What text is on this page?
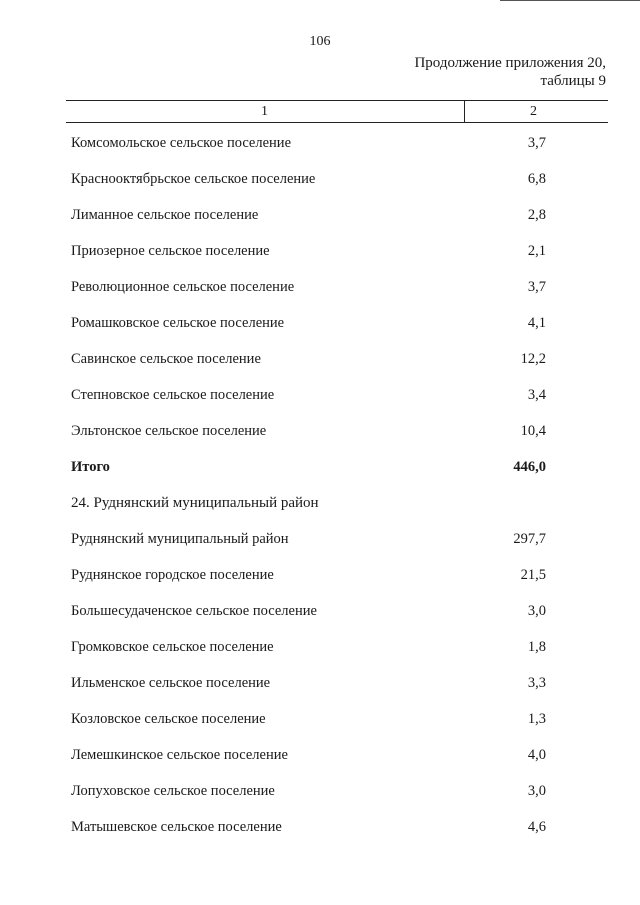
106
Продолжение приложения 20,
таблицы 9
1	2
Комсомольское сельское поселение	3,7
Краснооктябрьское сельское поселение	6,8
Лиманное сельское поселение	2,8
Приозерное сельское поселение	2,1
Революционное сельское поселение	3,7
Ромашковское сельское поселение	4,1
Савинское сельское поселение	12,2
Степновское сельское поселение	3,4
Эльтонское сельское поселение	10,4
Итого	446,0
24. Руднянский муниципальный район
Руднянский муниципальный район	297,7
Руднянское городское поселение	21,5
Большесудаченское сельское поселение	3,0
Громковское сельское поселение	1,8
Ильменское сельское поселение	3,3
Козловское сельское поселение	1,3
Лемешкинское сельское поселение	4,0
Лопуховское сельское поселение	3,0
Матышевское сельское поселение	4,6
